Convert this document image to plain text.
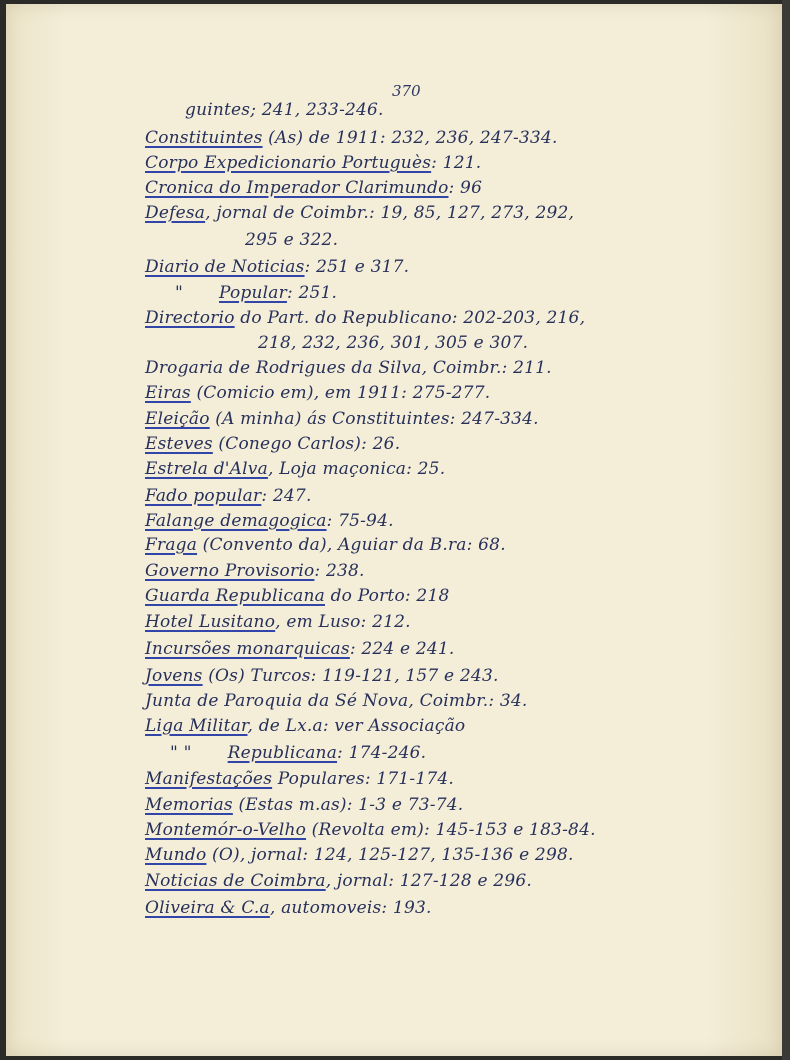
370
guintes; 241, 233-246.
Constituintes (As) de 1911: 232, 236, 247-334.
Corpo Expedicionario Portuguès: 121.
Cronica do Imperador Clarimundo: 96
Defesa, jornal de Coimbr.: 19, 85, 127, 273, 292,
295 e 322.
Diario de Noticias: 251 e 317.
" Popular: 251.
Directorio do Part. do Republicano: 202-203, 216,
218, 232, 236, 301, 305 e 307.
Drogaria de Rodrigues da Silva, Coimbr.: 211.
Eiras (Comicio em), em 1911: 275-277.
Eleição (A minha) ás Constituintes: 247-334.
Esteves (Conego Carlos): 26.
Estrela d'Alva, Loja maçonica: 25.
Fado popular: 247.
Falange demagogica: 75-94.
Fraga (Convento da), Aguiar da B.ra: 68.
Governo Provisorio: 238.
Guarda Republicana do Porto: 218
Hotel Lusitano, em Luso: 212.
Incursões monarquicas: 224 e 241.
Jovens (Os) Turcos: 119-121, 157 e 243.
Junta de Paroquia da Sé Nova, Coimbr.: 34.
Liga Militar, de Lx.a: ver Associação
" " Republicana: 174-246.
Manifestações Populares: 171-174.
Memorias (Estas m.as): 1-3 e 73-74.
Montemór-o-Velho (Revolta em): 145-153 e 183-84.
Mundo (O), jornal: 124, 125-127, 135-136 e 298.
Noticias de Coimbra, jornal: 127-128 e 296.
Oliveira & C.a, automoveis: 193.
